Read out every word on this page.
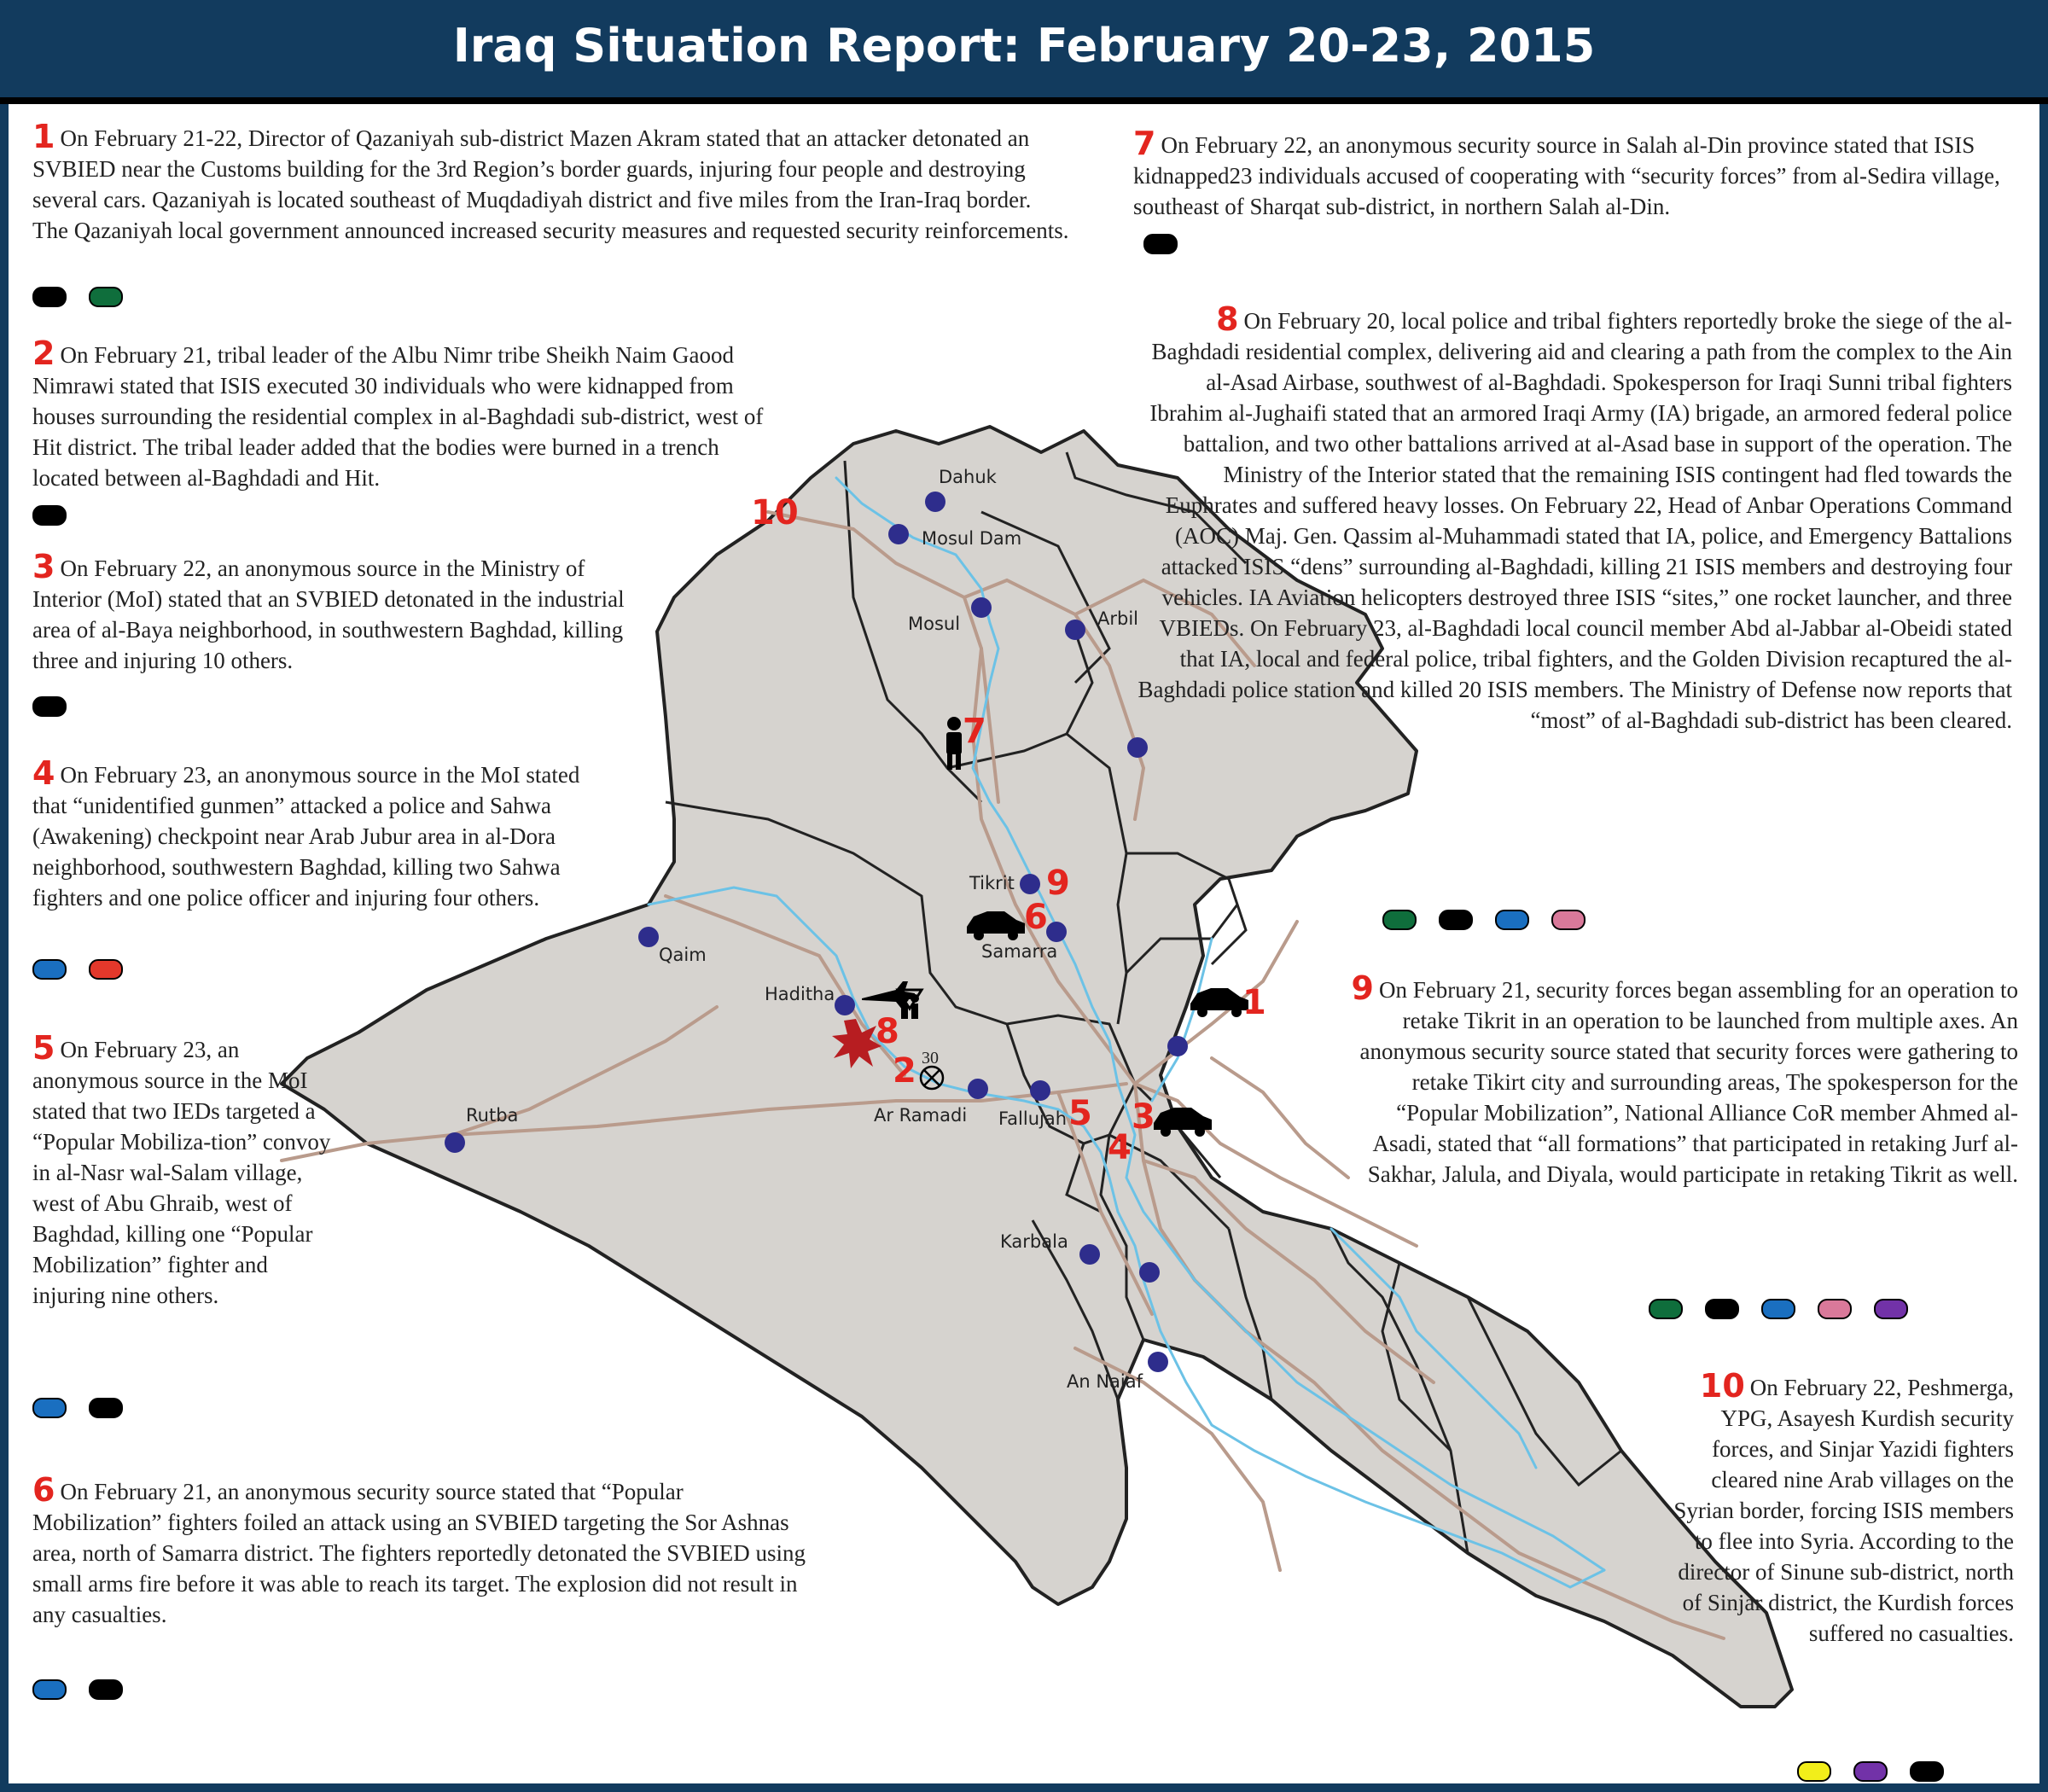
Dahuk
Mosul Dam
Mosul	Arbil
Tikrit
Samarra
Qaim
Haditha
Rutba	Ar Ramadi Fallujah
Karbala
An Najaf
30
10
7
9
6
8
2
5 3
4
1
Iraq Situation Report: February 20-23, 2015
1 On February 21-22, Director of Qazaniyah sub-district Mazen Akram stated that an attacker detonated an SVBIED near the Customs building for the 3rd Region’s border guards, injuring four people and destroying several cars. Qazaniyah is located southeast of Muqdadiyah district and five miles from the Iran-Iraq border. The Qazaniyah local government announced increased security measures and requested security reinforcements.
2 On February 21, tribal leader of the Albu Nimr tribe Sheikh Naim Gaood Nimrawi stated that ISIS executed 30 individuals who were kidnapped from houses surrounding the residential complex in al-Baghdadi sub-district, west of Hit district. The tribal leader added that the bodies were burned in a trench located between al-Baghdadi and Hit.
3 On February 22, an anonymous source in the Ministry of Interior (MoI) stated that an SVBIED detonated in the industrial area of al-Baya neighborhood, in southwestern Baghdad, killing three and injuring 10 others.
4 On February 23, an anonymous source in the MoI stated that “unidentified gunmen” attacked a police and Sahwa (Awakening) checkpoint near Arab Jubur area in al-Dora neighborhood, southwestern Baghdad, killing two Sahwa fighters and one police officer and injuring four others.
5 On February 23, an anonymous source in the MoI stated that two IEDs targeted a “Popular Mobiliza-tion” convoy in al-Nasr wal-Salam village, west of Abu Ghraib, west of Baghdad, killing one “Popular Mobilization” fighter and injuring nine others.
6 On February 21, an anonymous security source stated that “Popular Mobilization” fighters foiled an attack using an SVBIED targeting the Sor Ashnas area, north of Samarra district. The fighters reportedly detonated the SVBIED using small arms fire before it was able to reach its target. The explosion did not result in any casualties.
7 On February 22, an anonymous security source in Salah al-Din province stated that ISIS kidnapped23 individuals accused of cooperating with “security forces” from al-Sedira village, southeast of Sharqat sub-district, in northern Salah al-Din.
8 On February 20, local police and tribal fighters reportedly broke the siege of the al-Baghdadi residential complex, delivering aid and clearing a path from the complex to the Ain al-Asad Airbase, southwest of al-Baghdadi. Spokesperson for Iraqi Sunni tribal fighters Ibrahim al-Jughaifi stated that an armored Iraqi Army (IA) brigade, an armored federal police battalion, and two other battalions arrived at al-Asad base in support of the operation. The Ministry of the Interior stated that the remaining ISIS contingent had fled towards the Euphrates and suffered heavy losses. On February 22, Head of Anbar Operations Command (AOC) Maj. Gen. Qassim al-Muhammadi stated that IA, police, and Emergency Battalions attacked ISIS “dens” surrounding al-Baghdadi, killing 21 ISIS members and destroying four vehicles. IA Aviation helicopters destroyed three ISIS “sites,” one rocket launcher, and three VBIEDs. On February 23, al-Baghdadi local council member Abd al-Jabbar al-Obeidi stated that IA, local and federal police, tribal fighters, and the Golden Division recaptured the al-Baghdadi police station and killed 20 ISIS members. The Ministry of Defense now reports that “most” of al-Baghdadi sub-district has been cleared.
9 On February 21, security forces began assembling for an operation to retake Tikrit in an operation to be launched from multiple axes. An anonymous security source stated that security forces were gathering to retake Tikirt city and surrounding areas, The spokesperson for the “Popular Mobilization”, National Alliance CoR member Ahmed al-Asadi, stated that “all formations” that participated in retaking Jurf al-Sakhar, Jalula, and Diyala, would participate in retaking Tikrit as well.
10 On February 22, Peshmerga, YPG, Asayesh Kurdish security forces, and Sinjar Yazidi fighters cleared nine Arab villages on the Syrian border, forcing ISIS members to flee into Syria. According to the director of Sinune sub-district, north of Sinjar district, the Kurdish forces suffered no casualties.
